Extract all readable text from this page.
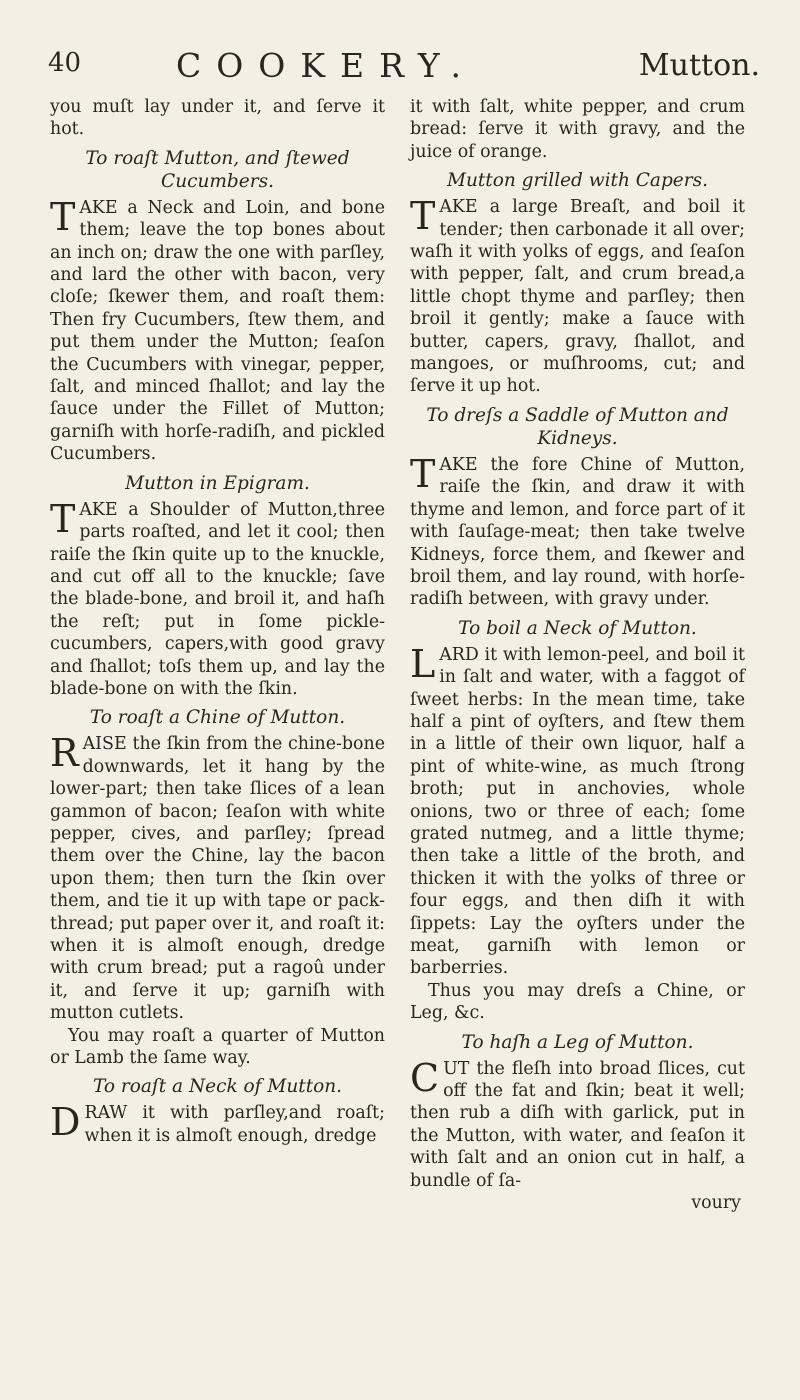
40	COOKERY.	Mutton.

you muſt lay under it, and ſerve it hot.

To roaſt Mutton, and ſtewed Cucumbers.

TAKE a Neck and Loin, and bone them; leave the top bones about an inch on; draw the one with parſley, and lard the other with bacon, very cloſe; ſkewer them, and roaſt them: Then fry Cucumbers, ſtew them, and put them under the Mutton; ſeaſon the Cucumbers with vinegar, pepper, ſalt, and minced ſhallot; and lay the ſauce under the Fillet of Mutton; garniſh with horſe-radiſh, and pickled Cucumbers.

Mutton in Epigram.

TAKE a Shoulder of Mutton,three parts roaſted, and let it cool; then raiſe the ſkin quite up to the knuckle, and cut off all to the knuckle; ſave the blade-bone, and broil it, and haſh the reſt; put in ſome pickle-cucumbers, capers,with good gravy and ſhallot; toſs them up, and lay the blade-bone on with the ſkin.

To roaſt a Chine of Mutton.

RAISE the ſkin from the chine-bone downwards, let it hang by the lower-part; then take ſlices of a lean gammon of bacon; ſeaſon with white pepper, cives, and parſley; ſpread them over the Chine, lay the bacon upon them; then turn the ſkin over them, and tie it up with tape or pack-thread; put paper over it, and roaſt it: when it is almoſt enough, dredge with crum bread; put a ragoû under it, and ſerve it up; garniſh with mutton cutlets.

You may roaſt a quarter of Mutton or Lamb the ſame way.

To roaſt a Neck of Mutton.

DRAW it with parſley,and roaſt; when it is almoſt enough, dredge

it with ſalt, white pepper, and crum bread: ſerve it with gravy, and the juice of orange.

Mutton grilled with Capers.

TAKE a large Breaſt, and boil it tender; then carbonade it all over; waſh it with yolks of eggs, and ſeaſon with pepper, ſalt, and crum bread,a little chopt thyme and parſley; then broil it gently; make a ſauce with butter, capers, gravy, ſhallot, and mangoes, or muſhrooms, cut; and ſerve it up hot.

To dreſs a Saddle of Mutton and Kidneys.

TAKE the fore Chine of Mutton, raiſe the ſkin, and draw it with thyme and lemon, and force part of it with ſauſage-meat; then take twelve Kidneys, force them, and ſkewer and broil them, and lay round, with horſe-radiſh between, with gravy under.

To boil a Neck of Mutton.

LARD it with lemon-peel, and boil it in ſalt and water, with a faggot of ſweet herbs: In the mean time, take half a pint of oyſters, and ſtew them in a little of their own liquor, half a pint of white-wine, as much ſtrong broth; put in anchovies, whole onions, two or three of each; ſome grated nutmeg, and a little thyme; then take a little of the broth, and thicken it with the yolks of three or four eggs, and then diſh it with ſippets: Lay the oyſters under the meat, garniſh with lemon or barberries.

Thus you may dreſs a Chine, or Leg, &c.

To haſh a Leg of Mutton.

CUT the fleſh into broad ſlices, cut off the fat and ſkin; beat it well; then rub a diſh with garlick, put in the Mutton, with water, and ſeaſon it with ſalt and an onion cut in half, a bundle of ſa-

voury
